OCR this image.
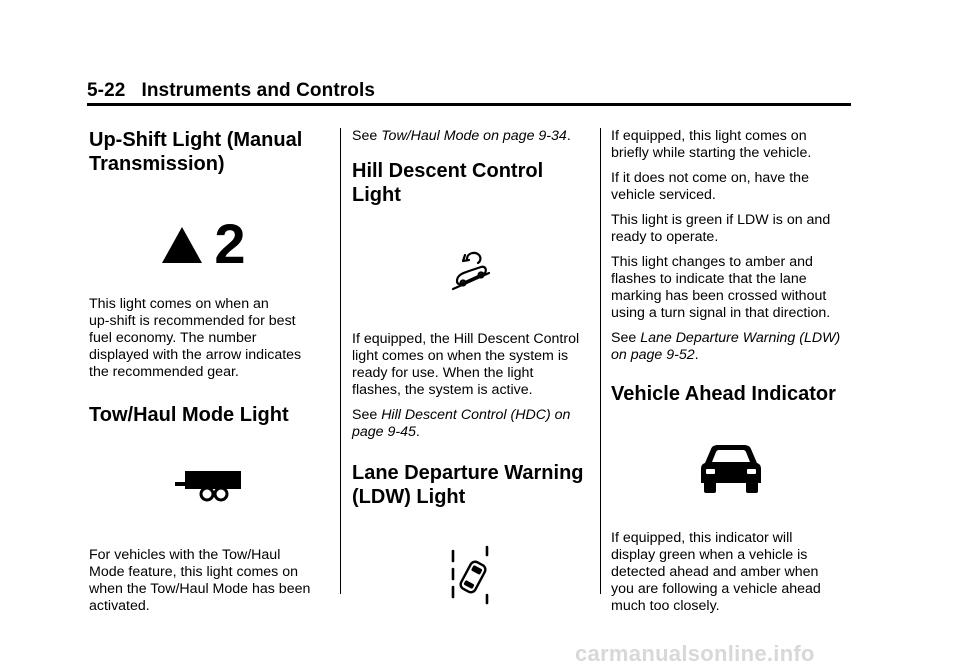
5-22 Instruments and Controls
Up-Shift Light (Manual
Transmission)
2

This light comes on when an
up-shift is recommended for best
fuel economy. The number
displayed with the arrow indicates
the recommended gear.

Tow/Haul Mode Light

For vehicles with the Tow/Haul
Mode feature, this light comes on
when the Tow/Haul Mode has been
activated.

See Tow/Haul Mode on page 9-34.

Hill Descent Control Light

If equipped, the Hill Descent Control
light comes on when the system is
ready for use. When the light
flashes, the system is active.

See Hill Descent Control (HDC) on
page 9-45.

Lane Departure Warning
(LDW) Light

If equipped, this light comes on
briefly while starting the vehicle.

If it does not come on, have the
vehicle serviced.

This light is green if LDW is on and
ready to operate.

This light changes to amber and
flashes to indicate that the lane
marking has been crossed without
using a turn signal in that direction.

See Lane Departure Warning (LDW)
on page 9-52.

Vehicle Ahead Indicator

If equipped, this indicator will
display green when a vehicle is
detected ahead and amber when
you are following a vehicle ahead
much too closely.

carmanualsonline.info
